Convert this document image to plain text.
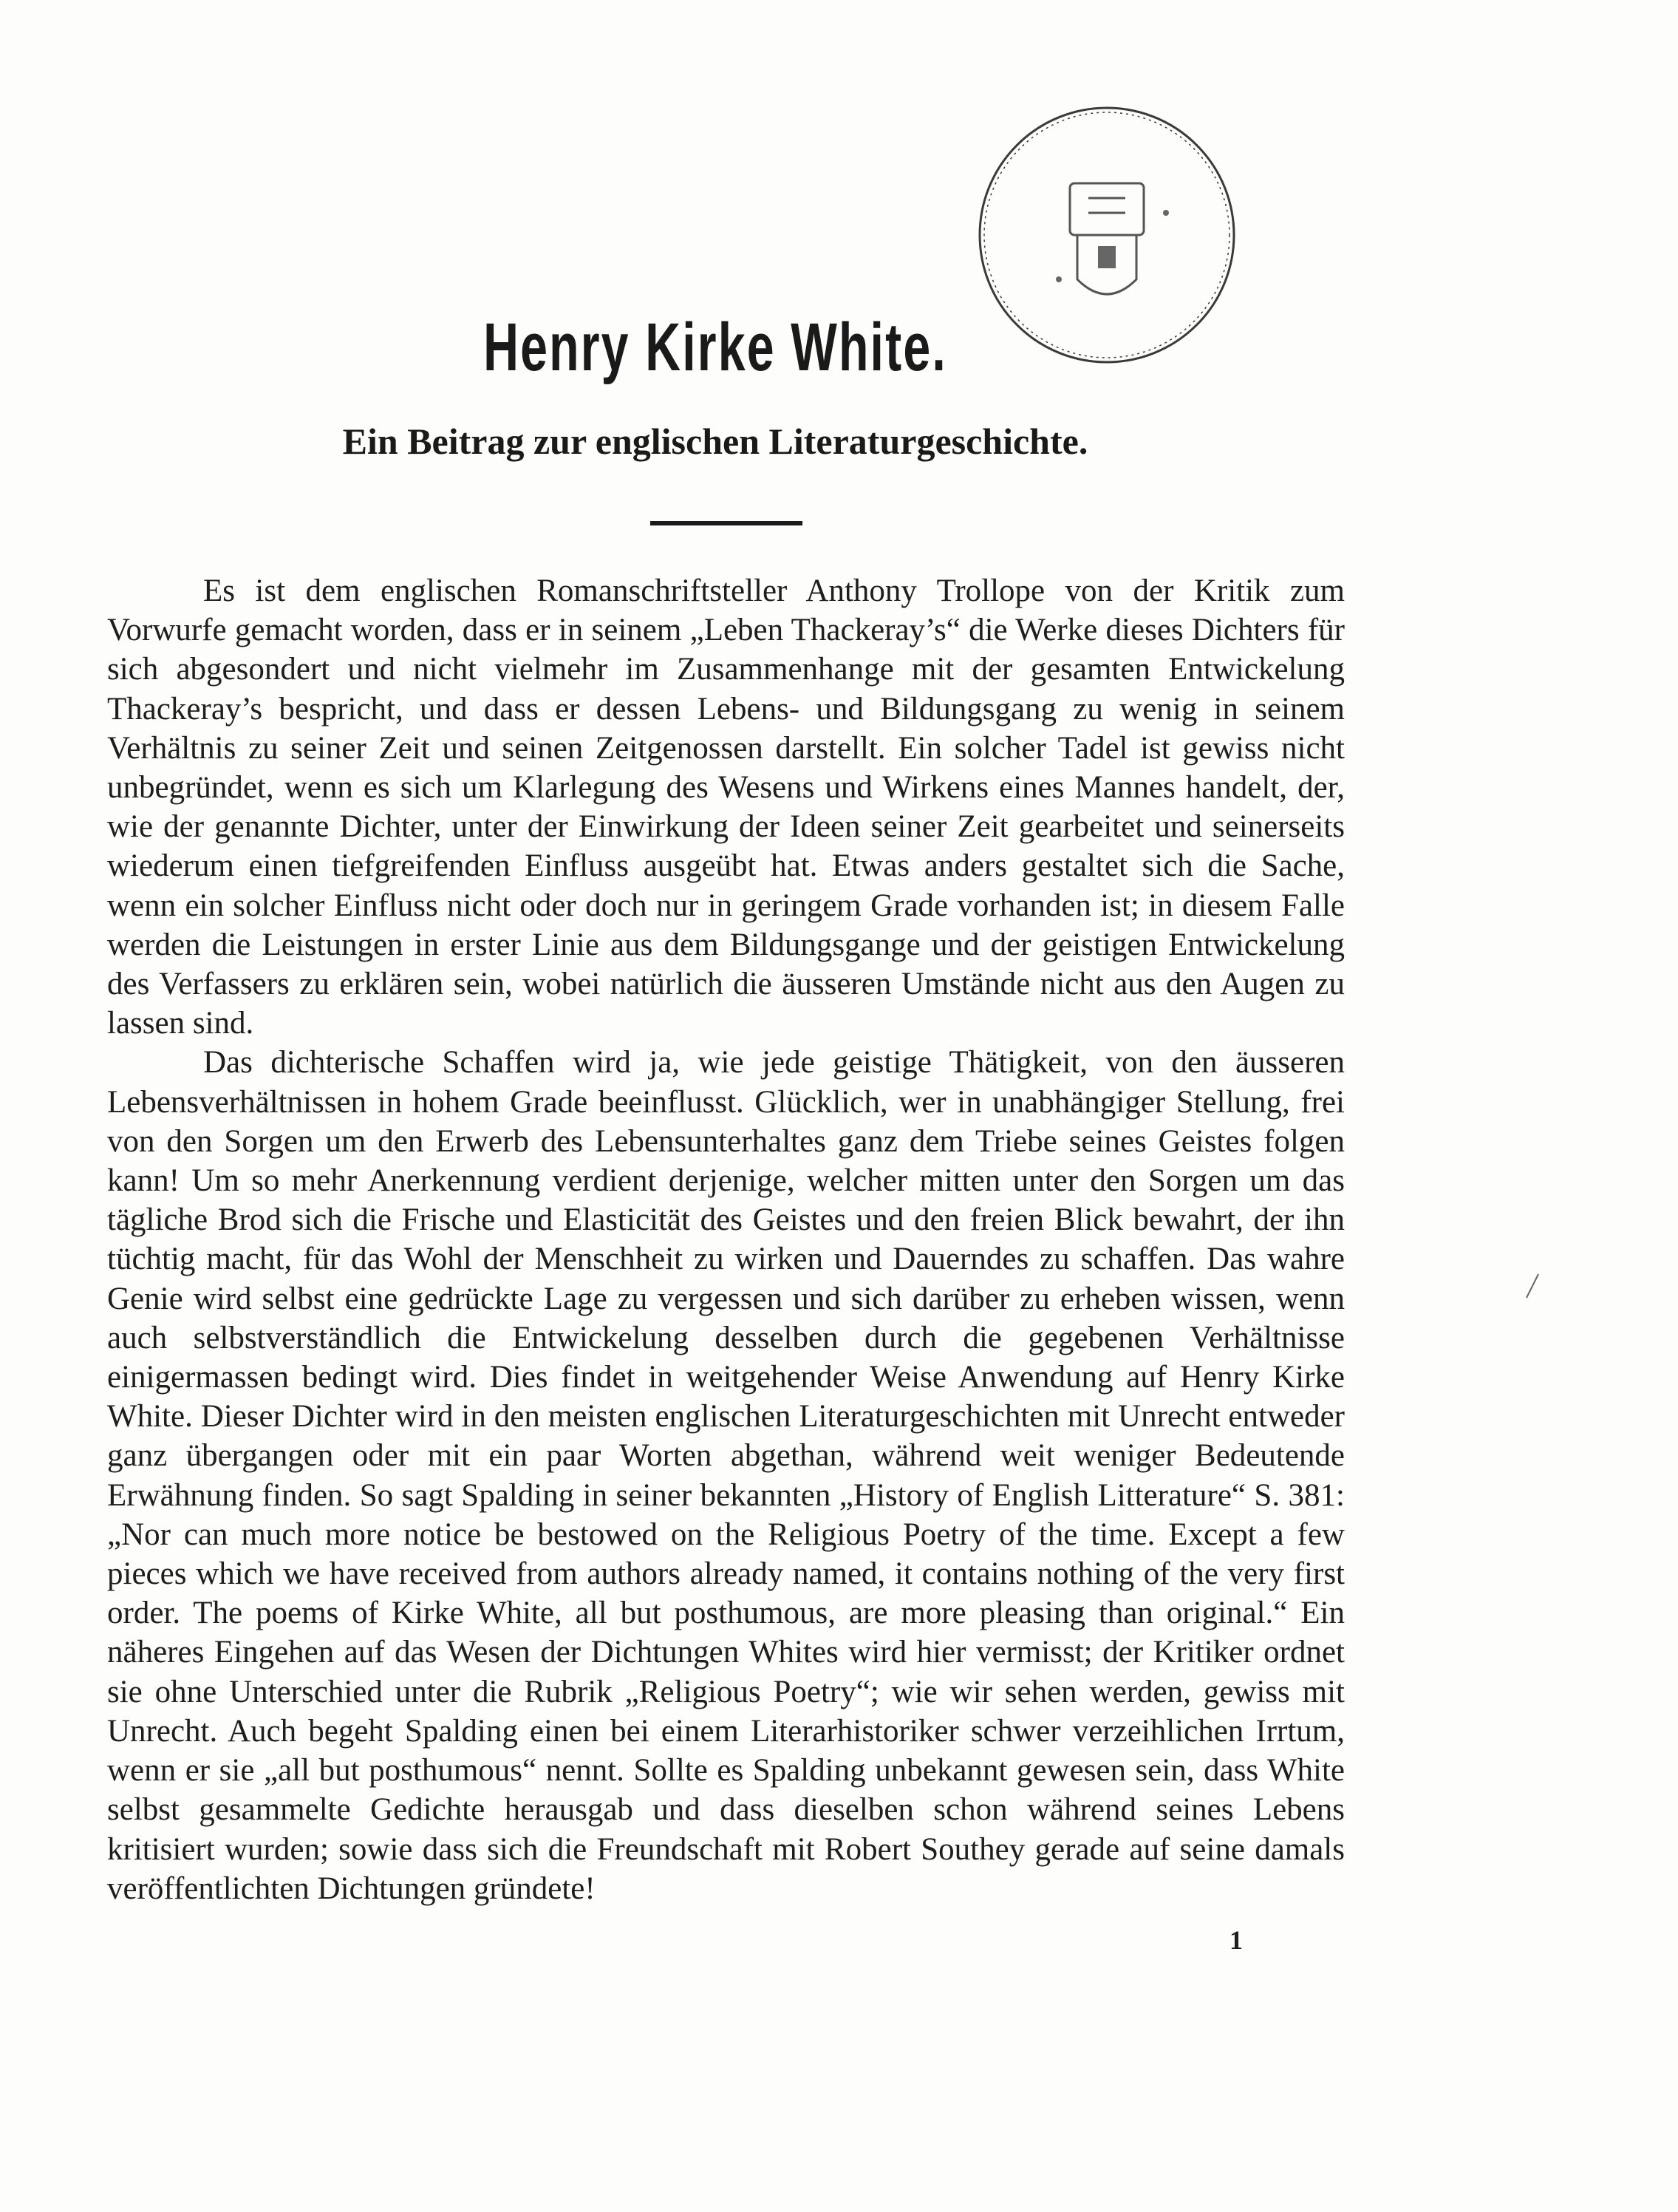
Henry Kirke White.
Ein Beitrag zur englischen Literaturgeschichte.

Es ist dem englischen Romanschriftsteller Anthony Trollope von der Kritik zum Vorwurfe gemacht worden, dass er in seinem „Leben Thackeray’s“ die Werke dieses Dichters für sich abgesondert und nicht vielmehr im Zusammenhange mit der gesamten Entwickelung Thackeray’s bespricht, und dass er dessen Lebens- und Bildungsgang zu wenig in seinem Verhältnis zu seiner Zeit und seinen Zeitgenossen darstellt. Ein solcher Tadel ist gewiss nicht unbegründet, wenn es sich um Klarlegung des Wesens und Wirkens eines Mannes handelt, der, wie der genannte Dichter, unter der Einwirkung der Ideen seiner Zeit gearbeitet und seinerseits wiederum einen tiefgreifenden Einfluss ausgeübt hat. Etwas anders gestaltet sich die Sache, wenn ein solcher Einfluss nicht oder doch nur in geringem Grade vorhanden ist; in diesem Falle werden die Leistungen in erster Linie aus dem Bildungsgange und der geistigen Entwickelung des Verfassers zu erklären sein, wobei natürlich die äusseren Umstände nicht aus den Augen zu lassen sind.

Das dichterische Schaffen wird ja, wie jede geistige Thätigkeit, von den äusseren Lebensverhältnissen in hohem Grade beeinflusst. Glücklich, wer in unabhängiger Stellung, frei von den Sorgen um den Erwerb des Lebensunterhaltes ganz dem Triebe seines Geistes folgen kann! Um so mehr Anerkennung verdient derjenige, welcher mitten unter den Sorgen um das tägliche Brod sich die Frische und Elasticität des Geistes und den freien Blick bewahrt, der ihn tüchtig macht, für das Wohl der Menschheit zu wirken und Dauerndes zu schaffen. Das wahre Genie wird selbst eine gedrückte Lage zu vergessen und sich darüber zu erheben wissen, wenn auch selbstverständlich die Entwickelung desselben durch die gegebenen Verhältnisse einigermassen bedingt wird. Dies findet in weitgehender Weise Anwendung auf Henry Kirke White. Dieser Dichter wird in den meisten englischen Literaturgeschichten mit Unrecht entweder ganz übergangen oder mit ein paar Worten abgethan, während weit weniger Bedeutende Erwähnung finden. So sagt Spalding in seiner bekannten „History of English Litterature“ S. 381: „Nor can much more notice be bestowed on the Religious Poetry of the time. Except a few pieces which we have received from authors already named, it contains nothing of the very first order. The poems of Kirke White, all but posthumous, are more pleasing than original.“ Ein näheres Eingehen auf das Wesen der Dichtungen Whites wird hier vermisst; der Kritiker ordnet sie ohne Unterschied unter die Rubrik „Religious Poetry“; wie wir sehen werden, gewiss mit Unrecht. Auch begeht Spalding einen bei einem Literarhistoriker schwer verzeihlichen Irrtum, wenn er sie „all but posthumous“ nennt. Sollte es Spalding unbekannt gewesen sein, dass White selbst gesammelte Gedichte herausgab und dass dieselben schon während seines Lebens kritisiert wurden; sowie dass sich die Freundschaft mit Robert Southey gerade auf seine damals veröffentlichten Dichtungen gründete!

1
